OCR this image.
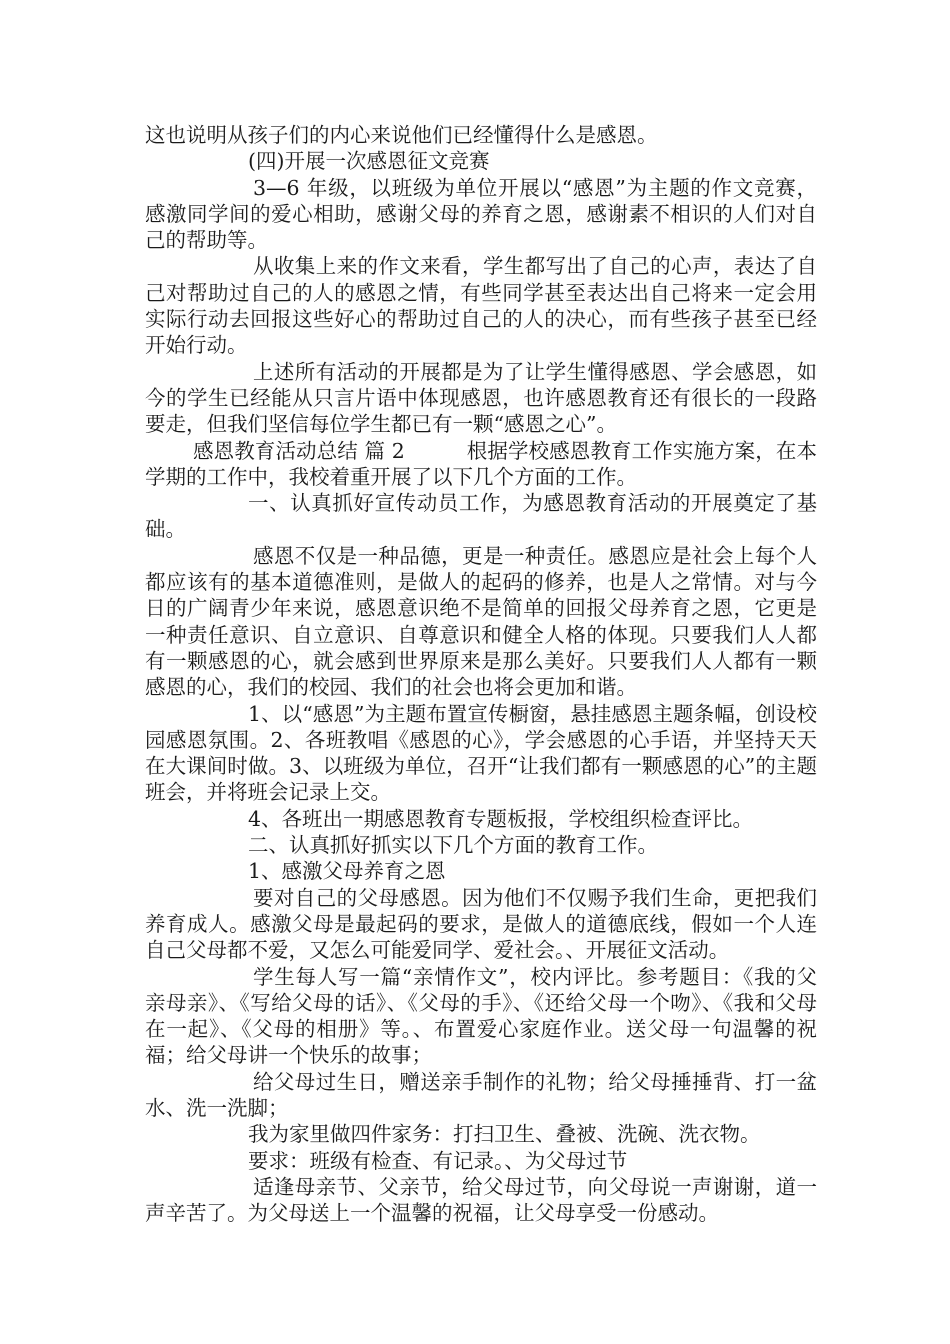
这也说明从孩子们的内心来说他们已经懂得什么是感恩。

(四)开展一次感恩征文竞赛

3—6 年级，以班级为单位开展以“感恩”为主题的作文竞赛，感激同学间的爱心相助，感谢父母的养育之恩，感谢素不相识的人们对自己的帮助等。

从收集上来的作文来看，学生都写出了自己的心声，表达了自己对帮助过自己的人的感恩之情，有些同学甚至表达出自己将来一定会用实际行动去回报这些好心的帮助过自己的人的决心，而有些孩子甚至已经开始行动。

上述所有活动的开展都是为了让学生懂得感恩、学会感恩，如今的学生已经能从只言片语中体现感恩，也许感恩教育还有很长的一段路要走，但我们坚信每位学生都已有一颗“感恩之心”。

感恩教育活动总结 篇 2　　　根据学校感恩教育工作实施方案，在本学期的工作中，我校着重开展了以下几个方面的工作。

一、认真抓好宣传动员工作，为感恩教育活动的开展奠定了基础。

感恩不仅是一种品德，更是一种责任。感恩应是社会上每个人都应该有的基本道德准则，是做人的起码的修养，也是人之常情。对与今日的广阔青少年来说，感恩意识绝不是简单的回报父母养育之恩，它更是一种责任意识、自立意识、自尊意识和健全人格的体现。只要我们人人都有一颗感恩的心，就会感到世界原来是那么美好。只要我们人人都有一颗感恩的心，我们的校园、我们的社会也将会更加和谐。

1、以“感恩”为主题布置宣传橱窗，悬挂感恩主题条幅，创设校园感恩氛围。2、各班教唱《感恩的心》，学会感恩的心手语，并坚持天天在大课间时做。3、以班级为单位，召开“让我们都有一颗感恩的心”的主题班会，并将班会记录上交。

4、各班出一期感恩教育专题板报，学校组织检查评比。

二、认真抓好抓实以下几个方面的教育工作。

1、感激父母养育之恩

要对自己的父母感恩。因为他们不仅赐予我们生命，更把我们养育成人。感激父母是最起码的要求，是做人的道德底线，假如一个人连自己父母都不爱，又怎么可能爱同学、爱社会。、开展征文活动。

学生每人写一篇“亲情作文”，校内评比。参考题目：《我的父亲母亲》、《写给父母的话》、《父母的手》、《还给父母一个吻》、《我和父母在一起》、《父母的相册》等。、布置爱心家庭作业。送父母一句温馨的祝福；给父母讲一个快乐的故事；

给父母过生日，赠送亲手制作的礼物；给父母捶捶背、打一盆水、洗一洗脚；

我为家里做四件家务：打扫卫生、叠被、洗碗、洗衣物。

要求：班级有检查、有记录。、为父母过节

适逢母亲节、父亲节，给父母过节，向父母说一声谢谢，道一声辛苦了。为父母送上一个温馨的祝福，让父母享受一份感动。
